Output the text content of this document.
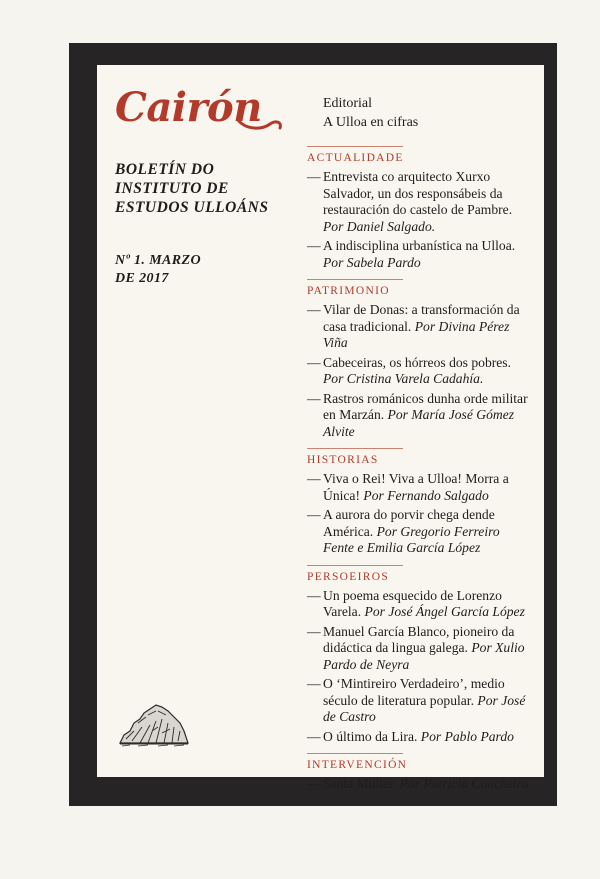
Cairón
BOLETÍN DO
INSTITUTO DE
ESTUDOS ULLOÁNS
Nº 1. MARZO
DE 2017
Editorial
A Ulloa en cifras
ACTUALIDADE
— Entrevista co arquitecto Xurxo Salvador, un dos responsábeis da restauración do castelo de Pambre. Por Daniel Salgado.
— A indisciplina urbanística na Ulloa. Por Sabela Pardo
PATRIMONIO
— Vilar de Donas: a transformación da casa tradicional. Por Divina Pérez Viña
— Cabeceiras, os hórreos dos pobres. Por Cristina Varela Cadahía.
— Rastros románicos dunha orde militar en Marzán. Por María José Gómez Alvite
HISTORIAS
— Viva o Rei! Viva a Ulloa! Morra a Única! Por Fernando Salgado
— A aurora do porvir chega dende América. Por Gregorio Ferreiro Fente e Emilia García López
PERSOEIROS
— Un poema esquecido de Lorenzo Varela. Por José Ángel García López
— Manuel García Blanco, pioneiro da didáctica da lingua galega. Por Xulio Pardo de Neyra
— O ‘Mintireiro Verdadeiro’, medio século de literatura popular. Por José de Castro
— O último da Lira. Por Pablo Pardo
INTERVENCIÓN
— Santa Muller. Por Patricia Coucheiro
